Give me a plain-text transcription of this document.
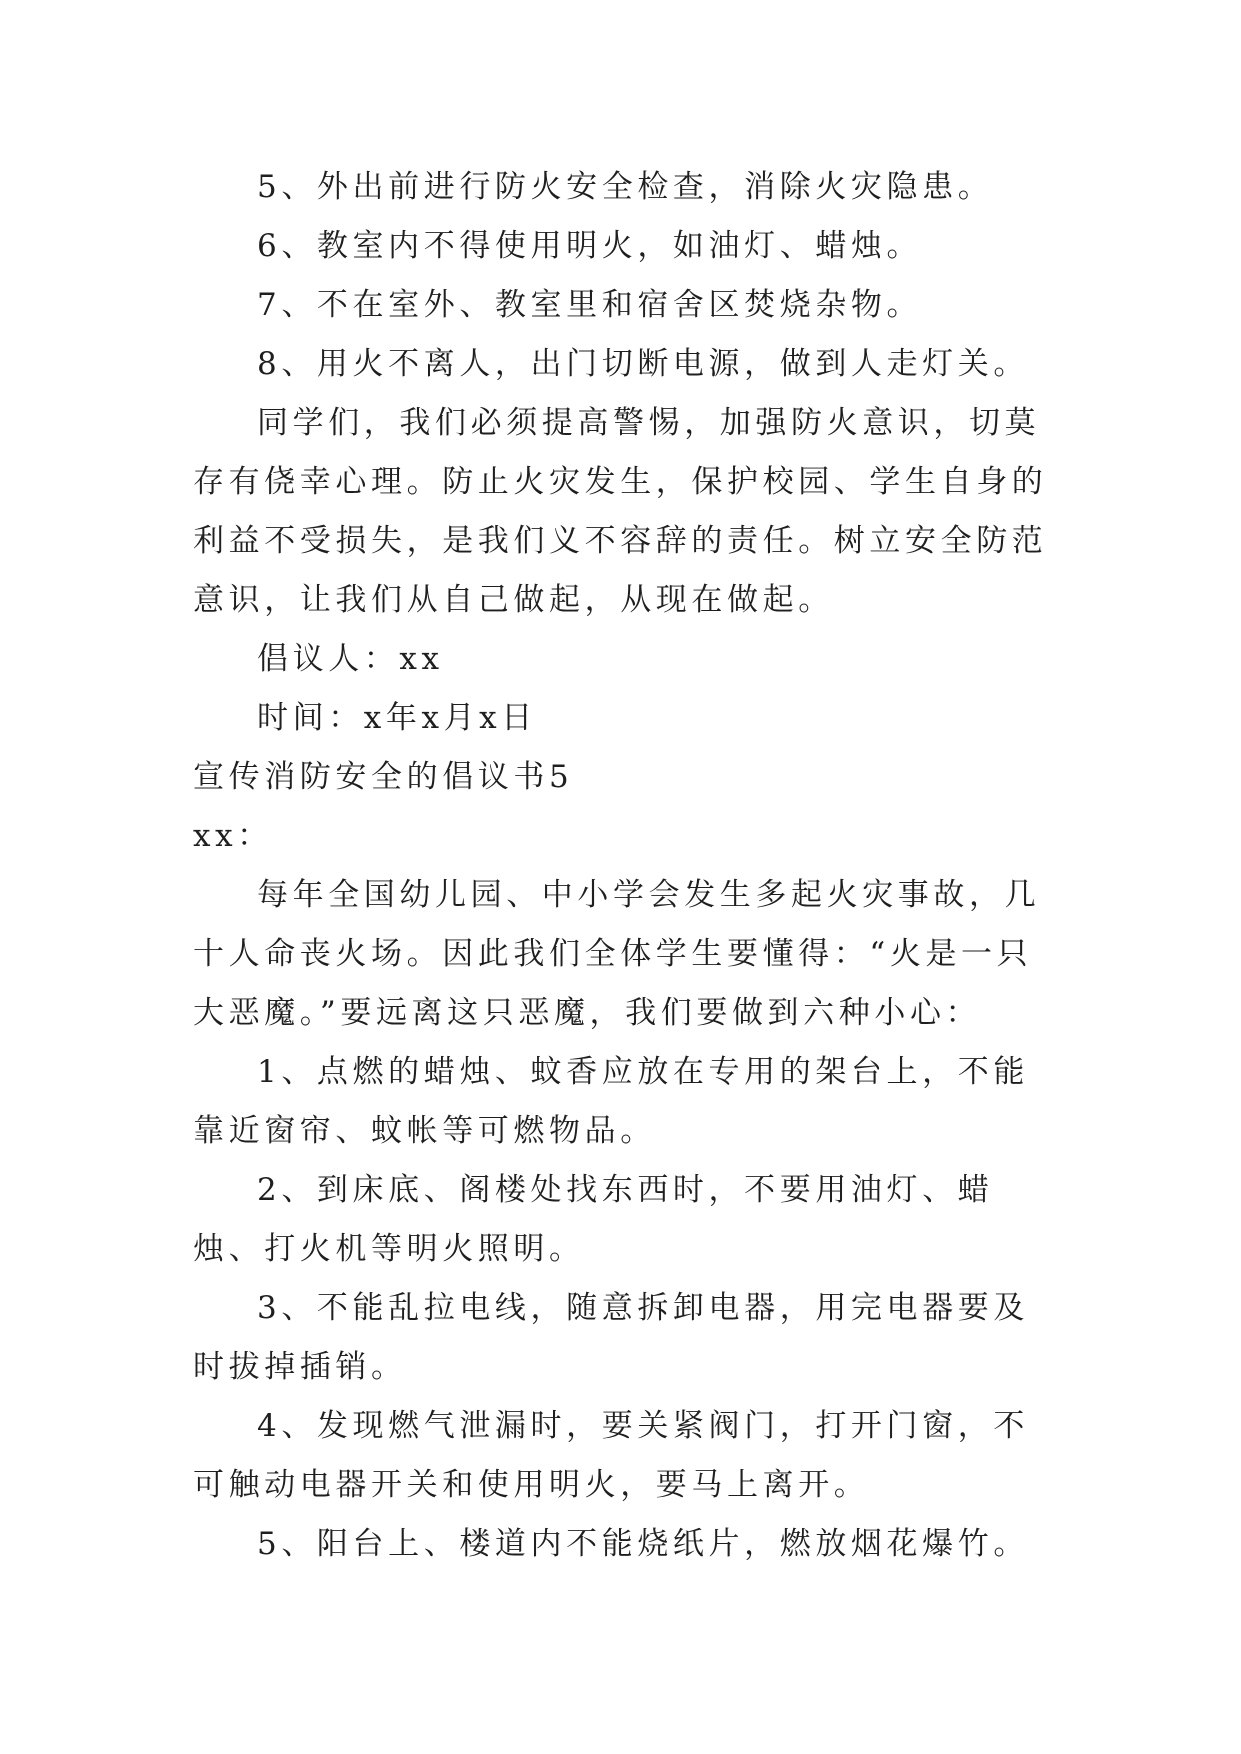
5、外出前进行防火安全检查，消除火灾隐患。

6、教室内不得使用明火，如油灯、蜡烛。

7、不在室外、教室里和宿舍区焚烧杂物。

8、用火不离人，出门切断电源，做到人走灯关。

同学们，我们必须提高警惕，加强防火意识，切莫存有侥幸心理。防止火灾发生，保护校园、学生自身的利益不受损失，是我们义不容辞的责任。树立安全防范意识，让我们从自己做起，从现在做起。

倡议人：xx

时间：x年x月x日

宣传消防安全的倡议书5

xx：

每年全国幼儿园、中小学会发生多起火灾事故，几十人命丧火场。因此我们全体学生要懂得：“火是一只大恶魔。”要远离这只恶魔，我们要做到六种小心：

1、点燃的蜡烛、蚊香应放在专用的架台上，不能靠近窗帘、蚊帐等可燃物品。

2、到床底、阁楼处找东西时，不要用油灯、蜡烛、打火机等明火照明。

3、不能乱拉电线，随意拆卸电器，用完电器要及时拔掉插销。

4、发现燃气泄漏时，要关紧阀门，打开门窗，不可触动电器开关和使用明火，要马上离开。

5、阳台上、楼道内不能烧纸片，燃放烟花爆竹。
